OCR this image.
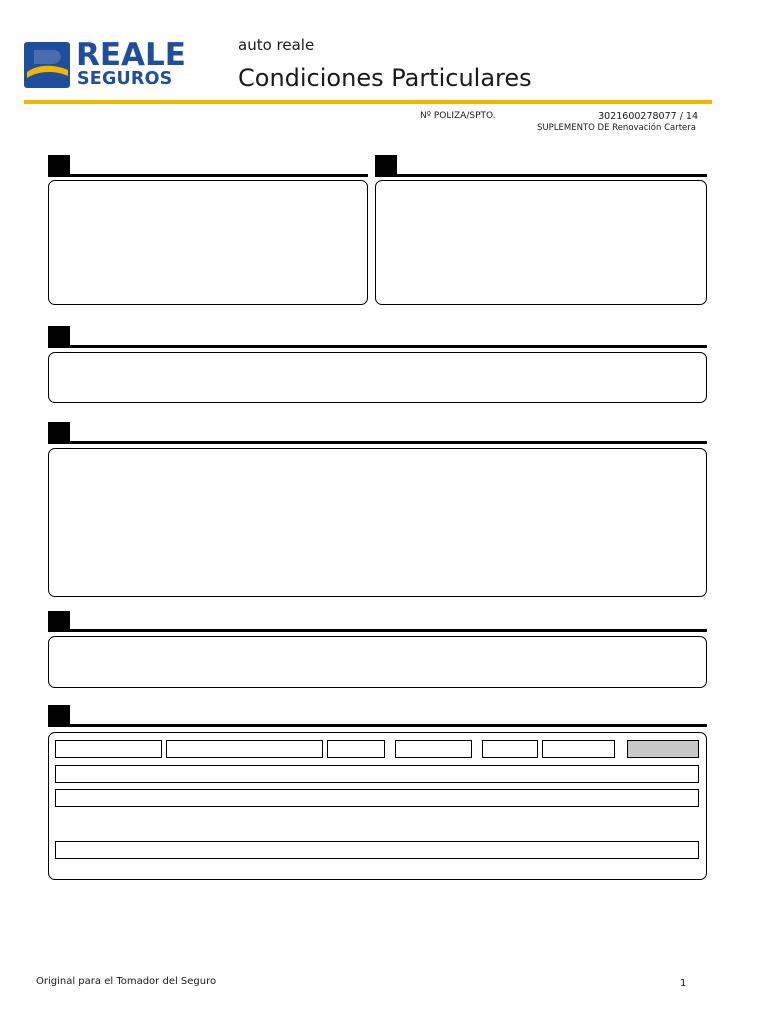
REALE
SEGUROS
auto reale
Condiciones Particulares
Nº POLIZA/SPTO.	3021600278077 / 14
SUPLEMENTO DE Renovación Cartera
Original para el Tomador del Seguro	1
